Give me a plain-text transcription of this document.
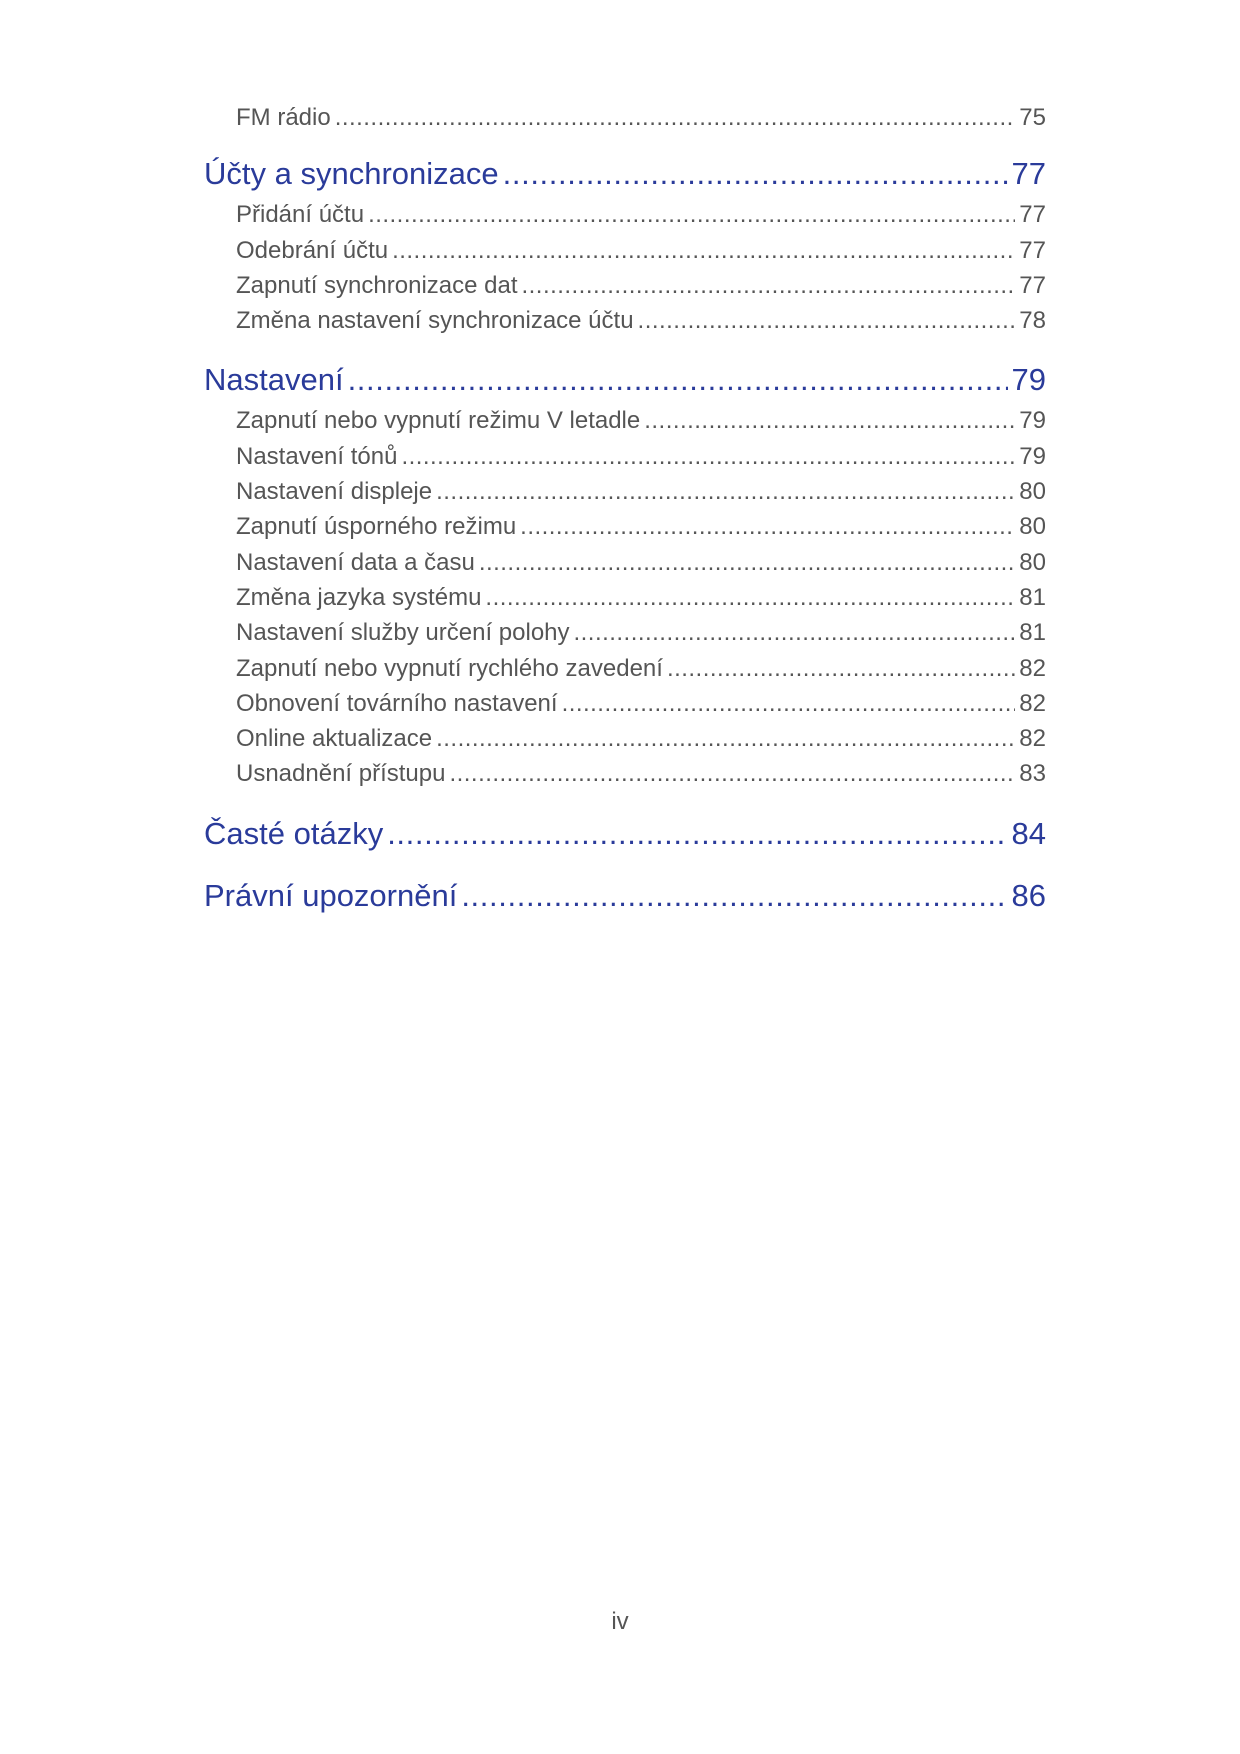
FM rádio .....	75
Účty a synchronizace .....	77
Přidání účtu .....	77
Odebrání účtu .....	77
Zapnutí synchronizace dat .....	77
Změna nastavení synchronizace účtu .....	78
Nastavení .....	79
Zapnutí nebo vypnutí režimu V letadle .....	79
Nastavení tónů .....	79
Nastavení displeje .....	80
Zapnutí úsporného režimu .....	80
Nastavení data a času .....	80
Změna jazyka systému .....	81
Nastavení služby určení polohy .....	81
Zapnutí nebo vypnutí rychlého zavedení .....	82
Obnovení továrního nastavení .....	82
Online aktualizace .....	82
Usnadnění přístupu .....	83
Časté otázky .....	84
Právní upozornění .....	86
iv
